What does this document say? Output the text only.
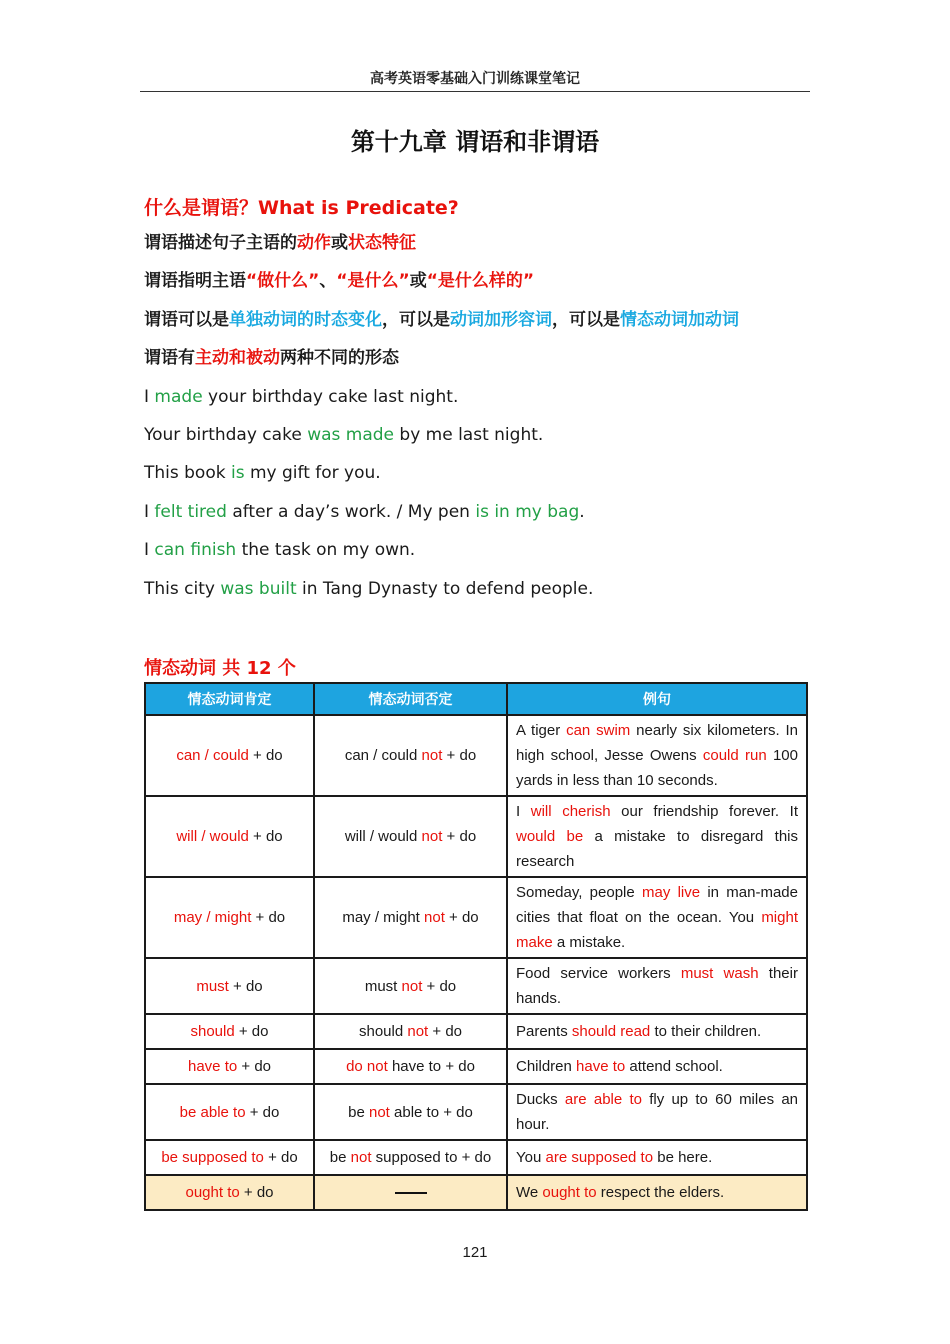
高考英语零基础入门训练课堂笔记
第十九章 谓语和非谓语

什么是谓语？What is Predicate?

谓语描述句子主语的动作或状态特征

谓语指明主语“做什么”、“是什么”或“是什么样的”

谓语可以是单独动词的时态变化，可以是动词加形容词，可以是情态动词加动词

谓语有主动和被动两种不同的形态

I made your birthday cake last night.

Your birthday cake was made by me last night.

This book is my gift for you.

I felt tired after a day’s work. / My pen is in my bag.

I can finish the task on my own.

This city was built in Tang Dynasty to defend people.

情态动词 共 12 个
情态动词肯定	情态动词否定	例句
can / could + do	can / could not + do	A tiger can swim nearly six kilometers. In high school, Jesse Owens could run 100 yards in less than 10 seconds.
will / would + do	will / would not + do	I will cherish our friendship forever. It would be a mistake to disregard this research
may / might + do	may / might not + do	Someday, people may live in man-made cities that float on the ocean. You might make a mistake.
must + do	must not + do	Food service workers must wash their hands.
should + do	should not + do	Parents should read to their children.
have to + do	do not have to + do	Children have to attend school.
be able to + do	be not able to + do	Ducks are able to fly up to 60 miles an hour.
be supposed to + do	be not supposed to + do	You are supposed to be here.
ought to + do		We ought to respect the elders.
121
